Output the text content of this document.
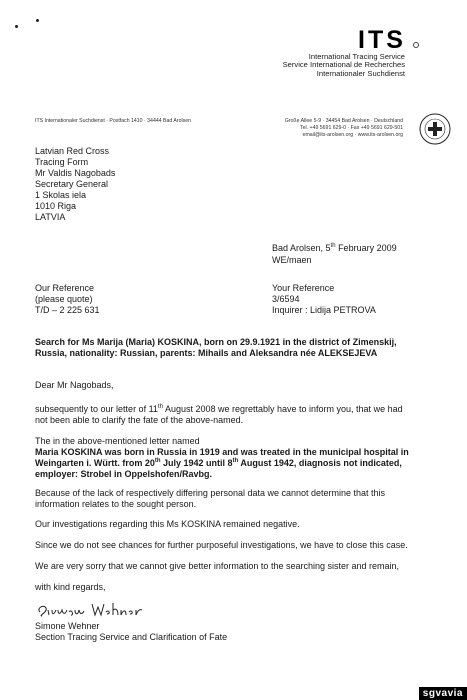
ITS
International Tracing Service
Service International de Recherches
Internationaler Suchdienst
ITS Internationaler Suchdienst · Postfach 1410 · 34444 Bad Arolsen	Große Allee 5-9 · 34454 Bad Arolsen · Deutschland
Tel. +49 5691 629-0 · Fax +49 5691 629-501
email@its-arolsen.org · www.its-arolsen.org
Latvian Red Cross
Tracing Form
Mr Valdis Nagobads
Secretary General
1 Skolas iela
1010 Riga
LATVIA
Bad Arolsen, 5th February 2009
WE/maen
Our Reference
(please quote)
T/D – 2 225 631
Your Reference
3/6594
Inquirer : Lidija PETROVA
Search for Ms Marija (Maria) KOSKINA, born on 29.9.1921 in the district of Zimenskij,
Russia, nationality: Russian, parents: Mihails and Aleksandra née ALEKSEJEVA
Dear Mr Nagobads,
subsequently to our letter of 11th August 2008 we regrettably have to inform you, that we had
not been able to clarify the fate of the above-named.
The in the above-mentioned letter named
Maria KOSKINA was born in Russia in 1919 and was treated in the municipal hospital in
Weingarten i. Württ. from 20th July 1942 until 8th August 1942, diagnosis not indicated,
employer: Strobel in Oppelshofen/Ravbg.
Because of the lack of respectively differing personal data we cannot determine that this
information relates to the sought person.
Our investigations regarding this Ms KOSKINA remained negative.
Since we do not see chances for further purposeful investigations, we have to close this case.
We are very sorry that we cannot give better information to the searching sister and remain,
with kind regards,
Simone Wehner
Section Tracing Service and Clarification of Fate
sgvavia
